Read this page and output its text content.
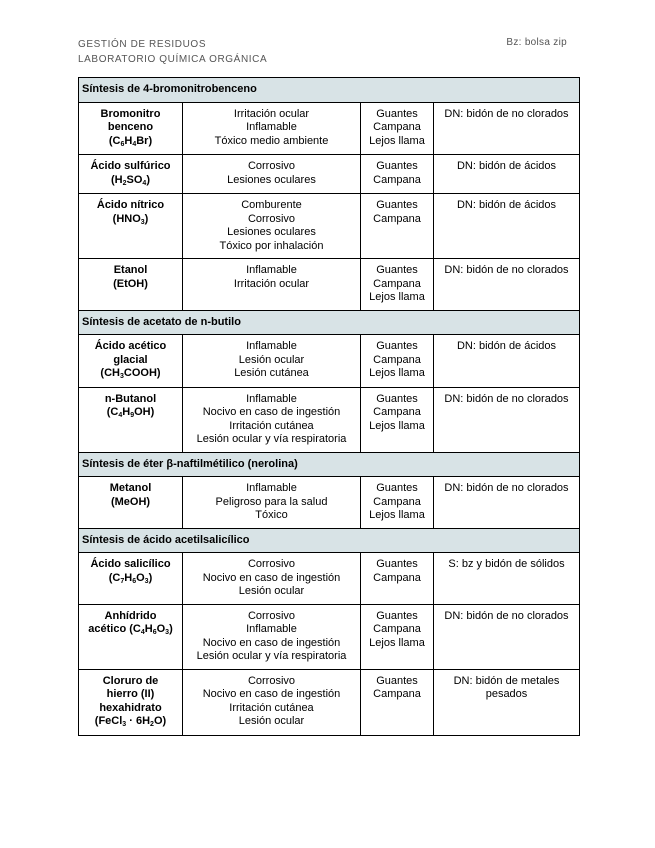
GESTIÓN DE RESIDUOS
LABORATORIO QUÍMICA ORGÁNICA
Bz: bolsa zip
Síntesis de 4-bromonitrobenceno			

Bromonitro
benceno
$(C_6H_4Br)$	Irritación ocular
Inflamable
Tóxico medio ambiente	Guantes
Campana
Lejos llama	DN: bidón de no clorados

Ácido sulfúrico
$(H_2SO_4)$	Corrosivo
Lesiones oculares	Guantes
Campana	DN: bidón de ácidos

Ácido nítrico
$(HNO_3)$	Comburente
Corrosivo
Lesiones oculares
Tóxico por inhalación	Guantes
Campana	DN: bidón de ácidos

Etanol
(EtOH)	Inflamable
Irritación ocular	Guantes
Campana
Lejos llama	DN: bidón de no clorados

Síntesis de acetato de n-butilo			

Ácido acético
glacial
$(CH_3COOH)$	Inflamable
Lesión ocular
Lesión cutánea	Guantes
Campana
Lejos llama	DN: bidón de ácidos

n-Butanol
$(C_4H_9OH)$	Inflamable
Nocivo en caso de ingestión
Irritación cutánea
Lesión ocular y vía respiratoria	Guantes
Campana
Lejos llama	DN: bidón de no clorados

Síntesis de éter β-naftilmétilico (nerolina)			

Metanol
(MeOH)	Inflamable
Peligroso para la salud
Tóxico	Guantes
Campana
Lejos llama	DN: bidón de no clorados

Síntesis de ácido acetilsalicílico			

Ácido salicílico
$(C_7H_6O_3)$	Corrosivo
Nocivo en caso de ingestión
Lesión ocular	Guantes
Campana	S: bz y bidón de sólidos

Anhídrido
acético $(C_4H_6O_3)$	Corrosivo
Inflamable
Nocivo en caso de ingestión
Lesión ocular y vía respiratoria	Guantes
Campana
Lejos llama	DN: bidón de no clorados

Cloruro de
hierro (II)
hexahidrato
(FeCl$_3$ · $6H_2O$)	Corrosivo
Nocivo en caso de ingestión
Irritación cutánea
Lesión ocular	Guantes
Campana	DN: bidón de metales
pesados
